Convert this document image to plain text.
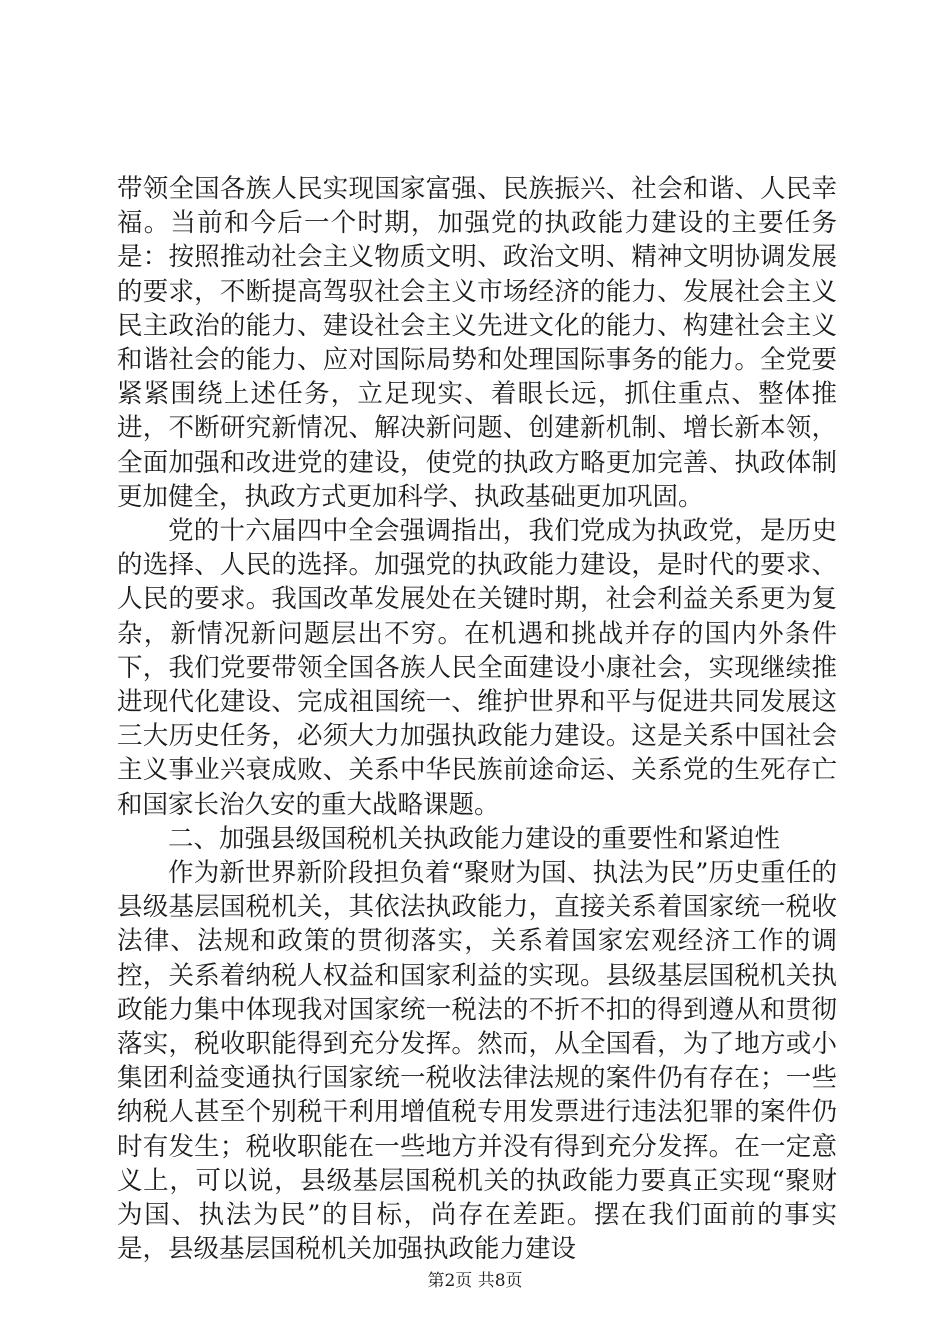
带领全国各族人民实现国家富强、民族振兴、社会和谐、人民幸福。当前和今后一个时期，加强党的执政能力建设的主要任务是：按照推动社会主义物质文明、政治文明、精神文明协调发展的要求，不断提高驾驭社会主义市场经济的能力、发展社会主义民主政治的能力、建设社会主义先进文化的能力、构建社会主义和谐社会的能力、应对国际局势和处理国际事务的能力。全党要紧紧围绕上述任务，立足现实、着眼长远，抓住重点、整体推进，不断研究新情况、解决新问题、创建新机制、增长新本领，全面加强和改进党的建设，使党的执政方略更加完善、执政体制更加健全，执政方式更加科学、执政基础更加巩固。

党的十六届四中全会强调指出，我们党成为执政党，是历史的选择、人民的选择。加强党的执政能力建设，是时代的要求、人民的要求。我国改革发展处在关键时期，社会利益关系更为复杂，新情况新问题层出不穷。在机遇和挑战并存的国内外条件下，我们党要带领全国各族人民全面建设小康社会，实现继续推进现代化建设、完成祖国统一、维护世界和平与促进共同发展这三大历史任务，必须大力加强执政能力建设。这是关系中国社会主义事业兴衰成败、关系中华民族前途命运、关系党的生死存亡和国家长治久安的重大战略课题。

二、加强县级国税机关执政能力建设的重要性和紧迫性

作为新世界新阶段担负着“聚财为国、执法为民”历史重任的县级基层国税机关，其依法执政能力，直接关系着国家统一税收法律、法规和政策的贯彻落实，关系着国家宏观经济工作的调控，关系着纳税人权益和国家利益的实现。县级基层国税机关执政能力集中体现我对国家统一税法的不折不扣的得到遵从和贯彻落实，税收职能得到充分发挥。然而，从全国看，为了地方或小集团利益变通执行国家统一税收法律法规的案件仍有存在；一些纳税人甚至个别税干利用增值税专用发票进行违法犯罪的案件仍时有发生；税收职能在一些地方并没有得到充分发挥。在一定意义上，可以说，县级基层国税机关的执政能力要真正实现“聚财为国、执法为民”的目标，尚存在差距。摆在我们面前的事实是，县级基层国税机关加强执政能力建设

第2页 共8页
